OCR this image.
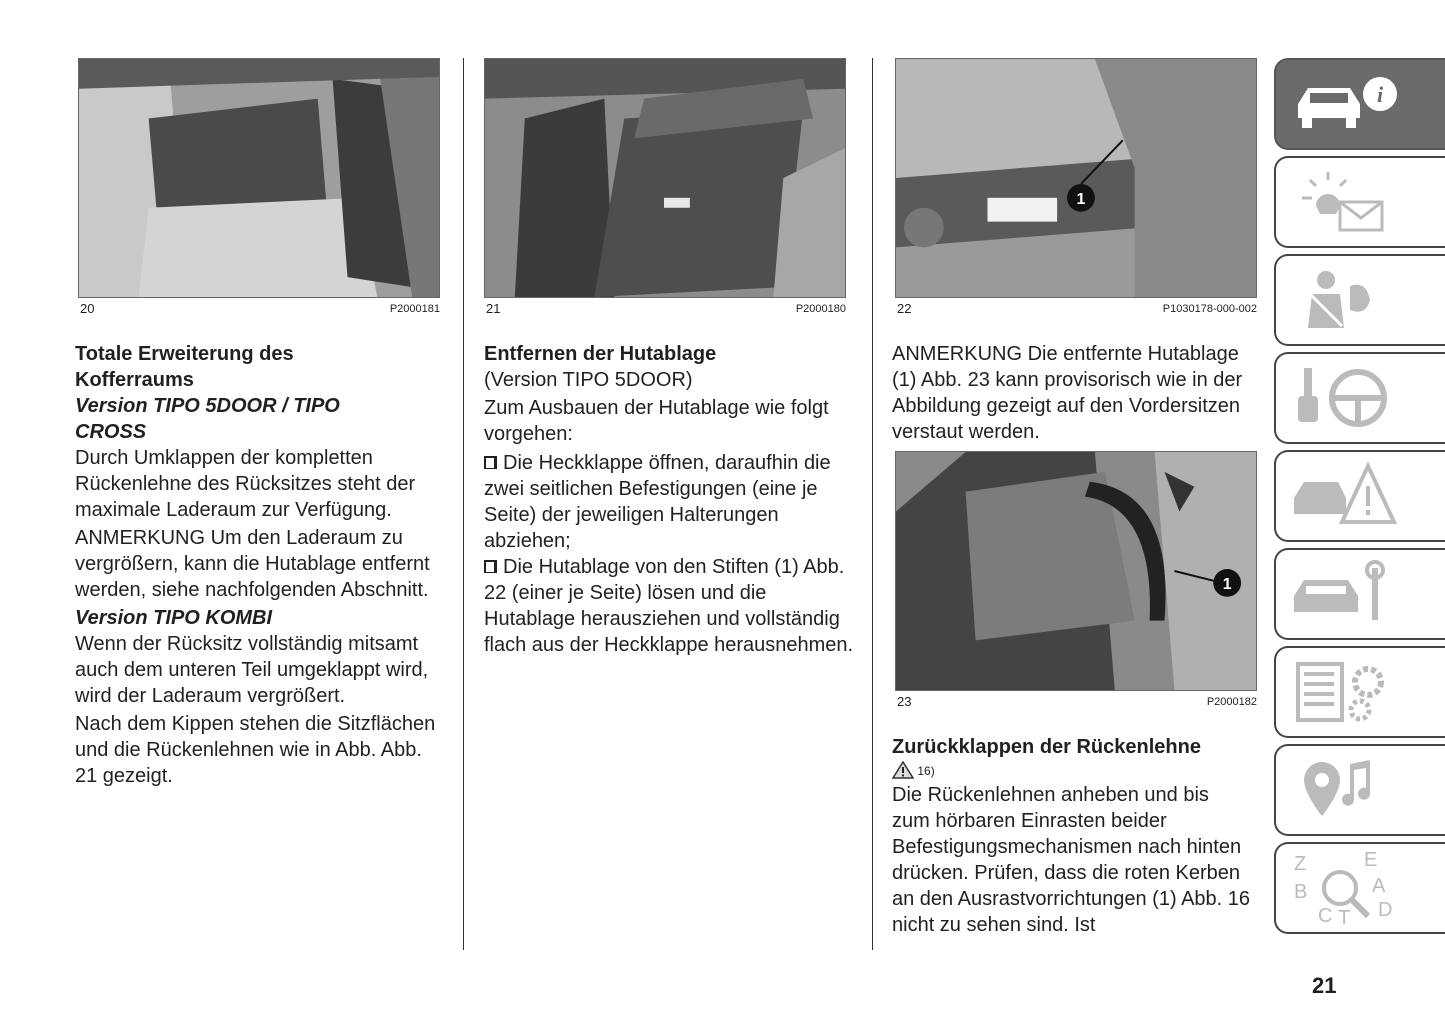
20	P2000181

Totale Erweiterung des Kofferraums

Version TIPO 5DOOR / TIPO CROSS

Durch Umklappen der kompletten Rückenlehne des Rücksitzes steht der maximale Laderaum zur Verfügung.

ANMERKUNG Um den Laderaum zu vergrößern, kann die Hutablage entfernt werden, siehe nachfolgenden Abschnitt.

Version TIPO KOMBI

Wenn der Rücksitz vollständig mitsamt auch dem unteren Teil umgeklappt wird, wird der Laderaum vergrößert.

Nach dem Kippen stehen die Sitzflächen und die Rückenlehnen wie in Abb. Abb. 21 gezeigt.

21	P2000180

Entfernen der Hutablage

(Version TIPO 5DOOR)

Zum Ausbauen der Hutablage wie folgt vorgehen:

Die Heckklappe öffnen, daraufhin die zwei seitlichen Befestigungen (eine je Seite) der jeweiligen Halterungen abziehen;

Die Hutablage von den Stiften (1) Abb. 22 (einer je Seite) lösen und die Hutablage herausziehen und vollständig flach aus der Heckklappe herausnehmen.

1
22	P1030178-000-002

ANMERKUNG Die entfernte Hutablage (1) Abb. 23 kann provisorisch wie in der Abbildung gezeigt auf den Vordersitzen verstaut werden.

1
23	P2000182

Zurückklappen der Rückenlehne

16)

Die Rückenlehnen anheben und bis zum hörbaren Einrasten beider Befestigungsmechanismen nach hinten drücken. Prüfen, dass die roten Kerben an den Ausrastvorrichtungen (1) Abb. 16 nicht zu sehen sind. Ist

i
Z	E
B	A
C T D
21
